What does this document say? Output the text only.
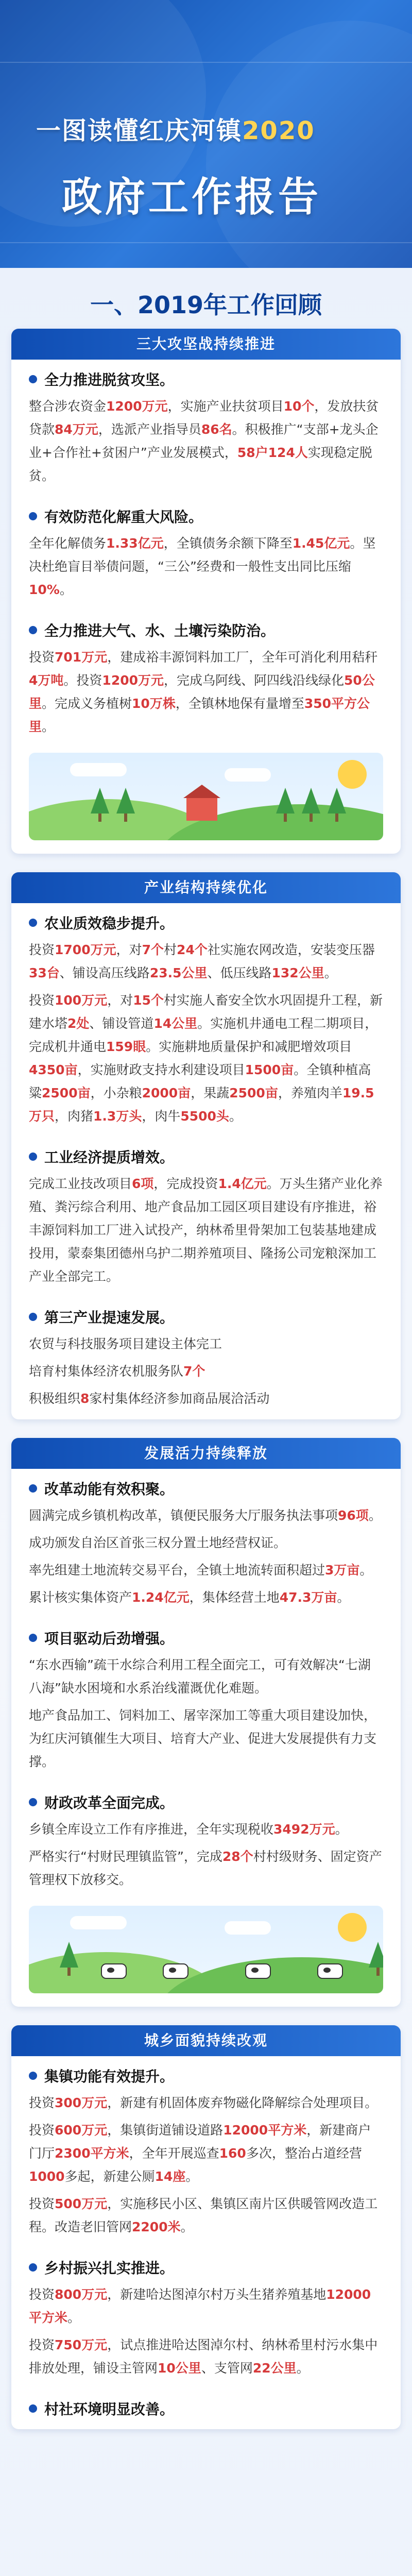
一图读懂红庆河镇2020
政府工作报告
一、2019年工作回顾
三大攻坚战持续推进
全力推进脱贫攻坚。

整合涉农资金1200万元，实施产业扶贫项目10个，发放扶贫贷款84万元，选派产业指导员86名。积极推广“支部+龙头企业+合作社+贫困户”产业发展模式，58户124人实现稳定脱贫。

有效防范化解重大风险。

全年化解债务1.33亿元，全镇债务余额下降至1.45亿元。坚决杜绝盲目举债问题，“三公”经费和一般性支出同比压缩10%。

全力推进大气、水、土壤污染防治。

投资701万元，建成裕丰源饲料加工厂，全年可消化利用秸秆4万吨。投资1200万元，完成乌阿线、阿四线沿线绿化50公里。完成义务植树10万株，全镇林地保有量增至350平方公里。

产业结构持续优化
农业质效稳步提升。

投资1700万元，对7个村24个社实施农网改造，安装变压器33台、铺设高压线路23.5公里、低压线路132公里。

投资100万元，对15个村实施人畜安全饮水巩固提升工程，新建水塔2处、铺设管道14公里。实施机井通电工程二期项目，完成机井通电159眼。实施耕地质量保护和减肥增效项目4350亩，实施财政支持水利建设项目1500亩。全镇种植高粱2500亩，小杂粮2000亩，果蔬2500亩，养殖肉羊19.5万只，肉猪1.3万头，肉牛5500头。

工业经济提质增效。

完成工业技改项目6项，完成投资1.4亿元。万头生猪产业化养殖、粪污综合利用、地产食品加工园区项目建设有序推进，裕丰源饲料加工厂进入试投产，纳林希里骨架加工包装基地建成投用，蒙泰集团德州乌护二期养殖项目、隆扬公司宠粮深加工产业全部完工。

第三产业提速发展。

农贸与科技服务项目建设主体完工

培育村集体经济农机服务队7个

积极组织8家村集体经济参加商品展洽活动

发展活力持续释放
改革动能有效积聚。

圆满完成乡镇机构改革，镇便民服务大厅服务执法事项96项。

成功颁发自治区首张三权分置土地经营权证。

率先组建土地流转交易平台，全镇土地流转面积超过3万亩。

累计核实集体资产1.24亿元，集体经营土地47.3万亩。

项目驱动后劲增强。

“东水西输”疏干水综合利用工程全面完工，可有效解决“七湖八海”缺水困境和水系治线灌溉优化难题。

地产食品加工、饲料加工、屠宰深加工等重大项目建设加快，为红庆河镇催生大项目、培育大产业、促进大发展提供有力支撑。

财政改革全面完成。

乡镇全库设立工作有序推进，全年实现税收3492万元。

严格实行“村财民理镇监管”，完成28个村村级财务、固定资产管理权下放移交。

城乡面貌持续改观
集镇功能有效提升。

投资300万元，新建有机固体废弃物磁化降解综合处理项目。

投资600万元，集镇街道铺设道路12000平方米，新建商户门厅2300平方米，全年开展巡查160多次，整治占道经营1000多起，新建公厕14座。

投资500万元，实施移民小区、集镇区南片区供暖管网改造工程。改造老旧管网2200米。

乡村振兴扎实推进。

投资800万元，新建哈达图淖尔村万头生猪养殖基地12000平方米。

投资750万元，试点推进哈达图淖尔村、纳林希里村污水集中排放处理，铺设主管网10公里、支管网22公里。

村社环境明显改善。
